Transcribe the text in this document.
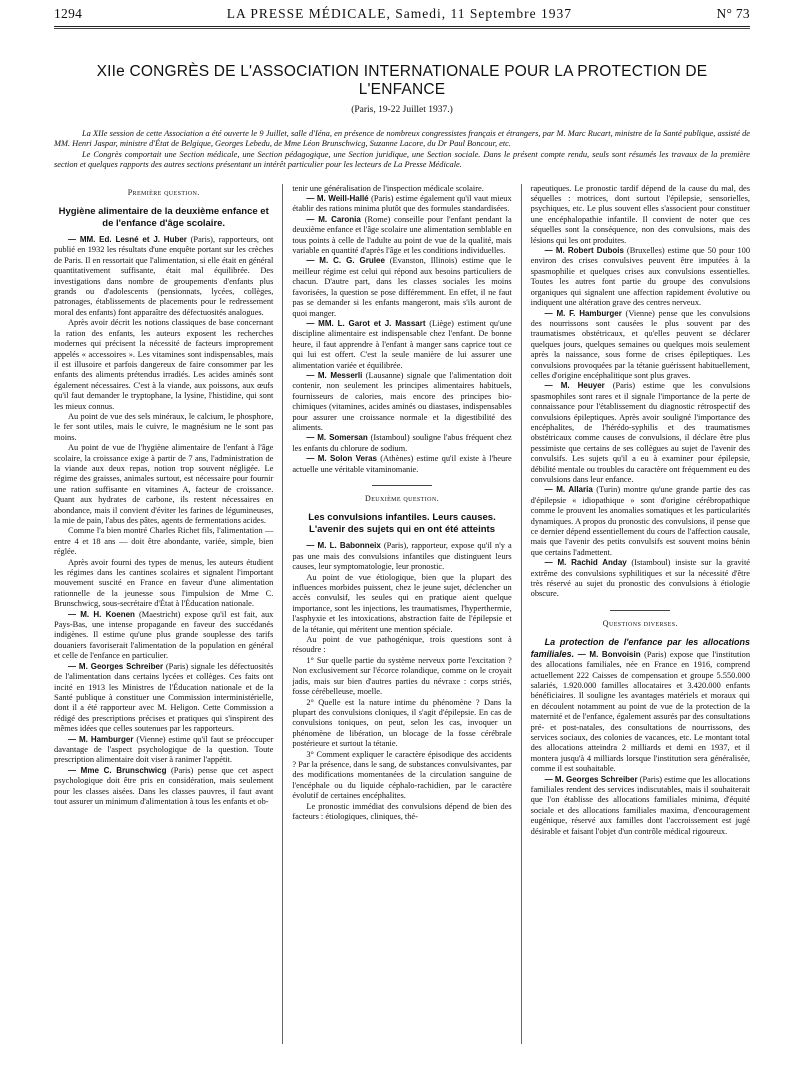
1294	LA PRESSE MÉDICALE, Samedi, 11 Septembre 1937	N° 73
XIIe CONGRÈS DE L'ASSOCIATION INTERNATIONALE POUR LA PROTECTION DE L'ENFANCE
(Paris, 19-22 Juillet 1937.)

La XIIe session de cette Association a été ouverte le 9 Juillet, salle d'Iéna, en présence de nombreux congressistes français et étrangers, par M. Marc Rucart, ministre de la Santé publique, assisté de MM. Henri Jaspar, ministre d'État de Belgique, Georges Lebedu, de Mme Léon Brunschwicg, Suzanne Lacore, du Dr Paul Boncour, etc.

Le Congrès comportait une Section médicale, une Section pédagogique, une Section juridique, une Section sociale. Dans le présent compte rendu, seuls sont résumés les travaux de la première section et quelques rapports des autres sections présentant un intérêt particulier pour les lecteurs de La Presse Médicale.

Première question.
Hygiène alimentaire de la deuxième enfance et de l'enfance d'âge scolaire.

— MM. Ed. Lesné et J. Huber (Paris), rapporteurs, ont publié en 1932 les résultats d'une enquête portant sur les crèches de Paris. Il en ressortait que l'alimentation, si elle était en général quantitativement suffisante, était mal équilibrée. Des investigations dans nombre de groupements d'enfants plus grands ou d'adolescents (pensionnats, lycées, collèges, patronages, établissements de placements pour le redressement moral des enfants) font apparaître des défectuosités analogues.

Après avoir décrit les notions classiques de base concernant la ration des enfants, les auteurs exposent les recherches modernes qui précisent la nécessité de facteurs improprement appelés « accessoires ». Les vitamines sont indispensables, mais il est illusoire et parfois dangereux de faire consommer par les enfants des aliments prétendus irradiés. Les acides aminés sont également nécessaires. C'est à la viande, aux poissons, aux œufs qu'il faut demander le tryptophane, la lysine, l'histidine, qui sont les mieux connus.

Au point de vue des sels minéraux, le calcium, le phosphore, le fer sont utiles, mais le cuivre, le magnésium ne le sont pas moins.

Au point de vue de l'hygiène alimentaire de l'enfant à l'âge scolaire, la croissance exige à partir de 7 ans, l'administration de la viande aux deux repas, notion trop souvent négligée. Le régime des graisses, animales surtout, est nécessaire pour fournir une ration suffisante en vitamines A, facteur de croissance. Quant aux hydrates de carbone, ils restent nécessaires en abondance, mais il convient d'éviter les farines de légumineuses, la mie de pain, l'abus des pâtes, agents de fermentations acides.

Comme l'a bien montré Charles Richet fils, l'alimentation — entre 4 et 18 ans — doit être abondante, variée, simple, bien réglée.

Après avoir fourni des types de menus, les auteurs étudient les régimes dans les cantines scolaires et signalent l'important mouvement suscité en France en faveur d'une alimentation rationnelle de la jeunesse sous l'impulsion de Mme C. Brunschwicg, sous-secrétaire d'État à l'Éducation nationale.

— M. H. Koenen (Maestricht) expose qu'il est fait, aux Pays-Bas, une intense propagande en faveur des succédanés indigènes. Il estime qu'une plus grande souplesse des tarifs douaniers favoriserait l'alimentation de la population en général et celle de l'enfance en particulier.

— M. Georges Schreiber (Paris) signale les défectuosités de l'alimentation dans certains lycées et collèges. Ces faits ont incité en 1913 les Ministres de l'Éducation nationale et de la Santé publique à constituer une Commission interministérielle, dont il a été rapporteur avec M. Heligon. Cette Commission a rédigé des prescriptions précises et pratiques qui s'inspirent des mêmes idées que celles soutenues par les rapporteurs.

— M. Hamburger (Vienne) estime qu'il faut se préoccuper davantage de l'aspect psychologique de la question. Toute prescription alimentaire doit viser à ranimer l'appétit.

— Mme C. Brunschwicg (Paris) pense que cet aspect psychologique doit être pris en considération, mais seulement pour les classes aisées. Dans les classes pauvres, il faut avant tout assurer un minimum d'alimentation à tous les enfants et ob-

tenir une généralisation de l'inspection médicale scolaire.

— M. Weill-Hallé (Paris) estime également qu'il vaut mieux établir des rations minima plutôt que des formules standardisées.

— M. Caronia (Rome) conseille pour l'enfant pendant la deuxième enfance et l'âge scolaire une alimentation semblable en tous points à celle de l'adulte au point de vue de la qualité, mais variable en quantité d'après l'âge et les conditions individuelles.

— M. C. G. Grulee (Evanston, Illinois) estime que le meilleur régime est celui qui répond aux besoins particuliers de chacun. D'autre part, dans les classes sociales les moins favorisées, la question se pose différemment. En effet, il ne faut pas se demander si les enfants mangeront, mais s'ils auront de quoi manger.

— MM. L. Garot et J. Massart (Liège) estiment qu'une discipline alimentaire est indispensable chez l'enfant. De bonne heure, il faut apprendre à l'enfant à manger sans caprice tout ce qui lui est offert. C'est la seule manière de lui assurer une alimentation variée et équilibrée.

— M. Messerli (Lausanne) signale que l'alimentation doit contenir, non seulement les principes alimentaires habituels, fournisseurs de calories, mais encore des principes bio-chimiques (vitamines, acides aminés ou diastases, indispensables pour assurer une croissance normale et la digestibilité des aliments.

— M. Somersan (Istamboul) souligne l'abus fréquent chez les enfants du chlorure de sodium.

— M. Solon Veras (Athènes) estime qu'il existe à l'heure actuelle une véritable vitaminomanie.

Deuxième question.
Les convulsions infantiles. Leurs causes. L'avenir des sujets qui en ont été atteints

— M. L. Babonneix (Paris), rapporteur, expose qu'il n'y a pas une mais des convulsions infantiles que distinguent leurs causes, leur symptomatologie, leur pronostic.

Au point de vue étiologique, bien que la plupart des influences morbides puissent, chez le jeune sujet, déclencher un accès convulsif, les seules qui en pratique aient quelque importance, sont les injections, les traumatismes, l'hyperthermie, l'asphyxie et les intoxications, abstraction faite de l'épilepsie et de la tétanie, qui méritent une mention spéciale.

Au point de vue pathogénique, trois questions sont à résoudre :

1° Sur quelle partie du système nerveux porte l'excitation ? Non exclusivement sur l'écorce rolandique, comme on le croyait jadis, mais sur bien d'autres parties du névraxe : corps striés, fosse cérébelleuse, moelle.

2° Quelle est la nature intime du phénomène ? Dans la plupart des convulsions cloniques, il s'agit d'épilepsie. En cas de convulsions toniques, on peut, selon les cas, invoquer un phénomène de libération, un blocage de la fosse cérébrale postérieure et surtout la tétanie.

3° Comment expliquer le caractère épisodique des accidents ? Par la présence, dans le sang, de substances convulsivantes, par des modifications momentanées de la circulation sanguine de l'encéphale ou du liquide céphalo-rachidien, par le caractère évolutif de certaines encéphalites.

Le pronostic immédiat des convulsions dépend de bien des facteurs : étiologiques, cliniques, thé-

rapeutiques. Le pronostic tardif dépend de la cause du mal, des séquelles : motrices, dont surtout l'épilepsie, sensorielles, psychiques, etc. Le plus souvent elles s'associent pour constituer une encéphalopathie infantile. Il convient de noter que ces séquelles sont la conséquence, non des convulsions, mais des lésions qui les ont produites.

— M. Robert Dubois (Bruxelles) estime que 50 pour 100 environ des crises convulsives peuvent être imputées à la spasmophilie et quelques crises aux convulsions essentielles. Toutes les autres font partie du groupe des convulsions organiques qui signalent une affection rapidement évolutive ou indiquent une altération grave des centres nerveux.

— M. F. Hamburger (Vienne) pense que les convulsions des nourrissons sont causées le plus souvent par des traumatismes obstétricaux, et qu'elles peuvent se déclarer quelques jours, quelques semaines ou quelques mois seulement après la naissance, sous forme de crises épileptiques. Les convulsions provoquées par la tétanie guérissent habituellement, celles d'origine encéphalitique sont plus graves.

— M. Heuyer (Paris) estime que les convulsions spasmophiles sont rares et il signale l'importance de la perte de connaissance pour l'établissement du diagnostic rétrospectif des convulsions épileptiques. Après avoir souligné l'importance des encéphalites, de l'hérédo-syphilis et des traumatismes obstétricaux comme causes de convulsions, il déclare être plus pessimiste que certains de ses collègues au sujet de l'avenir des convulsifs. Les sujets qu'il a eu à examiner pour épilepsie, débilité mentale ou troubles du caractère ont fréquemment eu des convulsions dans leur enfance.

— M. Allaria (Turin) montre qu'une grande partie des cas d'épilepsie « idiopathique » sont d'origine cérébropathique comme le prouvent les anomalies somatiques et les particularités dynamiques. A propos du pronostic des convulsions, il pense que ce dernier dépend essentiellement du cours de l'affection causale, mais que l'avenir des petits convulsifs est souvent moins bénin que certains l'admettent.

— M. Rachid Anday (Istamboul) insiste sur la gravité extrême des convulsions syphilitiques et sur la nécessité d'être très réservé au sujet du pronostic des convulsions à étiologie obscure.

Questions diverses.

La protection de l'enfance par les allocations familiales. — M. Bonvoisin (Paris) expose que l'institution des allocations familiales, née en France en 1916, comprend actuellement 222 Caisses de compensation et groupe 5.550.000 salariés, 1.920.000 familles allocataires et 3.420.000 enfants bénéficiaires. Il souligne les avantages matériels et moraux qui en découlent notamment au point de vue de la protection de la maternité et de l'enfance, également assurés par des consultations pré- et post-natales, des consultations de nourrissons, des services sociaux, des colonies de vacances, etc. Le montant total des allocations atteindra 2 milliards et demi en 1937, et il montera jusqu'à 4 milliards lorsque l'institution sera généralisée, comme il est souhaitable.

— M. Georges Schreiber (Paris) estime que les allocations familiales rendent des services indiscutables, mais il souhaiterait que l'on établisse des allocations familiales minima, d'équité sociale et des allocations familiales maxima, d'encouragement eugénique, réservé aux familles dont l'accroissement est jugé désirable et faisant l'objet d'un contrôle médical rigoureux.
